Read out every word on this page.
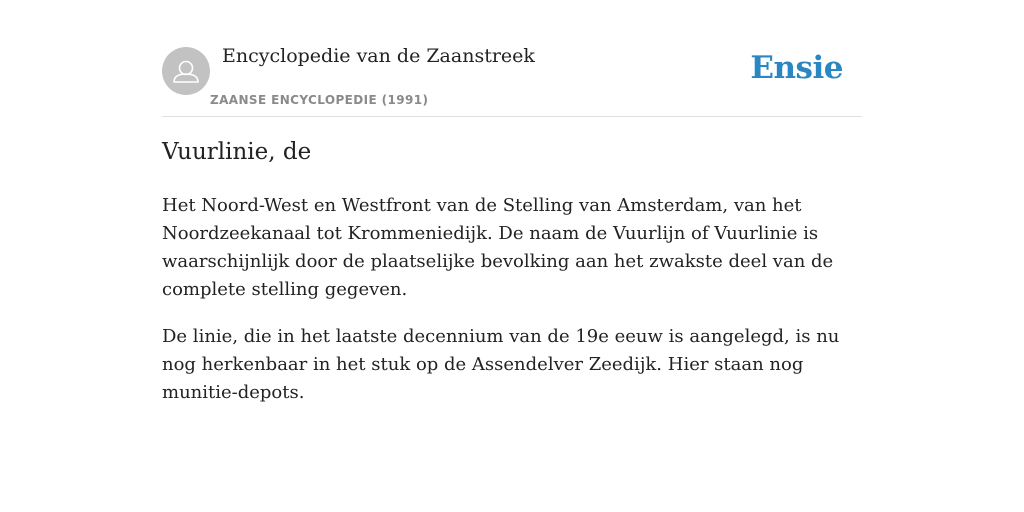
Encyclopedie van de Zaanstreek
ZAANSE ENCYCLOPEDIE (1991)
Ensie
Vuurlinie, de

Het Noord-West en Westfront van de Stelling van Amsterdam, van het Noordzeekanaal tot Krommeniedijk. De naam de Vuurlijn of Vuurlinie is waarschijnlijk door de plaatselijke bevolking aan het zwakste deel van de complete stelling gegeven.

De linie, die in het laatste decennium van de 19e eeuw is aangelegd, is nu nog herkenbaar in het stuk op de Assendelver Zeedijk. Hier staan nog munitie-depots.
